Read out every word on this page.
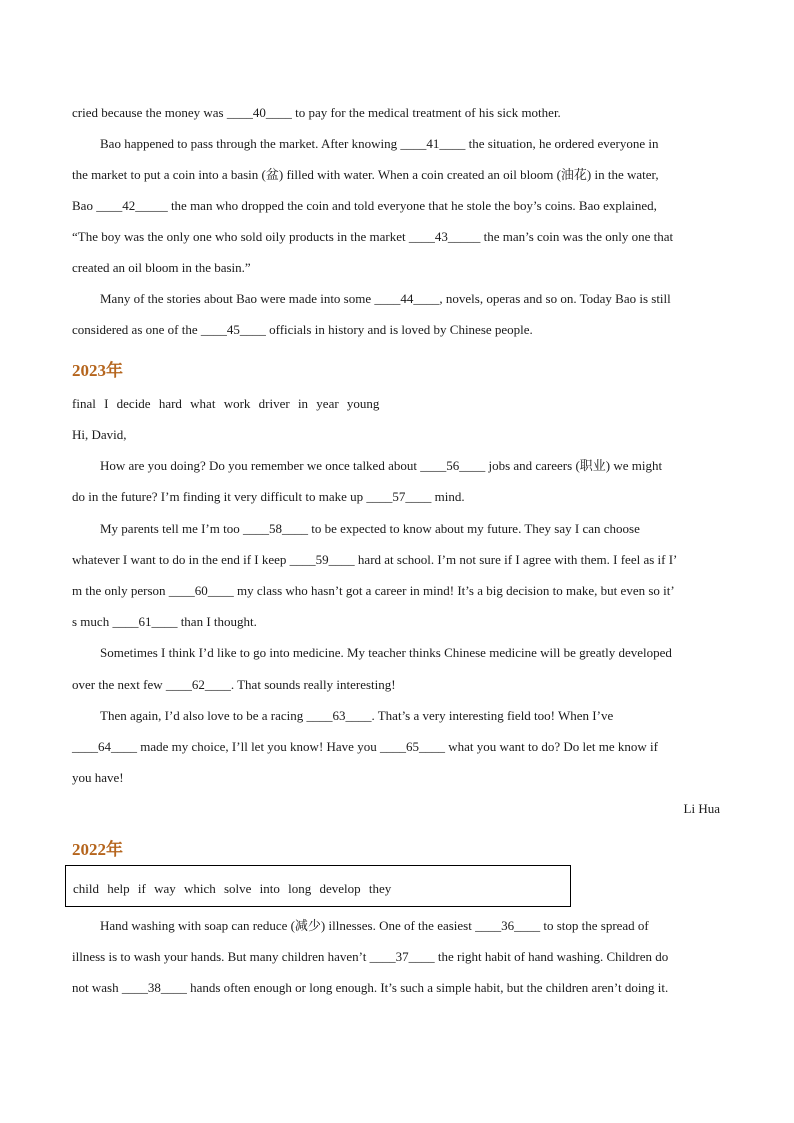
cried because the money was ____40____ to pay for the medical treatment of his sick mother.
Bao happened to pass through the market. After knowing ____41____ the situation, he ordered everyone in
the market to put a coin into a basin (盆) filled with water. When a coin created an oil bloom (油花) in the water,
Bao ____42_____ the man who dropped the coin and told everyone that he stole the boy’s coins. Bao explained,
“The boy was the only one who sold oily products in the market ____43_____ the man’s coin was the only one that
created an oil bloom in the basin.”
Many of the stories about Bao were made into some ____44____, novels, operas and so on. Today Bao is still
considered as one of the ____45____ officials in history and is loved by Chinese people.
2023年
final I decide hard what work driver in year young
Hi, David,
How are you doing? Do you remember we once talked about ____56____ jobs and careers (职业) we might
do in the future? I’m finding it very difficult to make up ____57____ mind.
My parents tell me I’m too ____58____ to be expected to know about my future. They say I can choose
whatever I want to do in the end if I keep ____59____ hard at school. I’m not sure if I agree with them. I feel as if I’
m the only person ____60____ my class who hasn’t got a career in mind! It’s a big decision to make, but even so it’
s much ____61____ than I thought.
Sometimes I think I’d like to go into medicine. My teacher thinks Chinese medicine will be greatly developed
over the next few ____62____. That sounds really interesting!
Then again, I’d also love to be a racing ____63____. That’s a very interesting field too! When I’ve
____64____ made my choice, I’ll let you know! Have you ____65____ what you want to do? Do let me know if
you have!
Li Hua
2022年
child help if way which solve into long develop they
Hand washing with soap can reduce (减少) illnesses. One of the easiest ____36____ to stop the spread of
illness is to wash your hands. But many children haven’t ____37____ the right habit of hand washing. Children do
not wash ____38____ hands often enough or long enough. It’s such a simple habit, but the children aren’t doing it.
